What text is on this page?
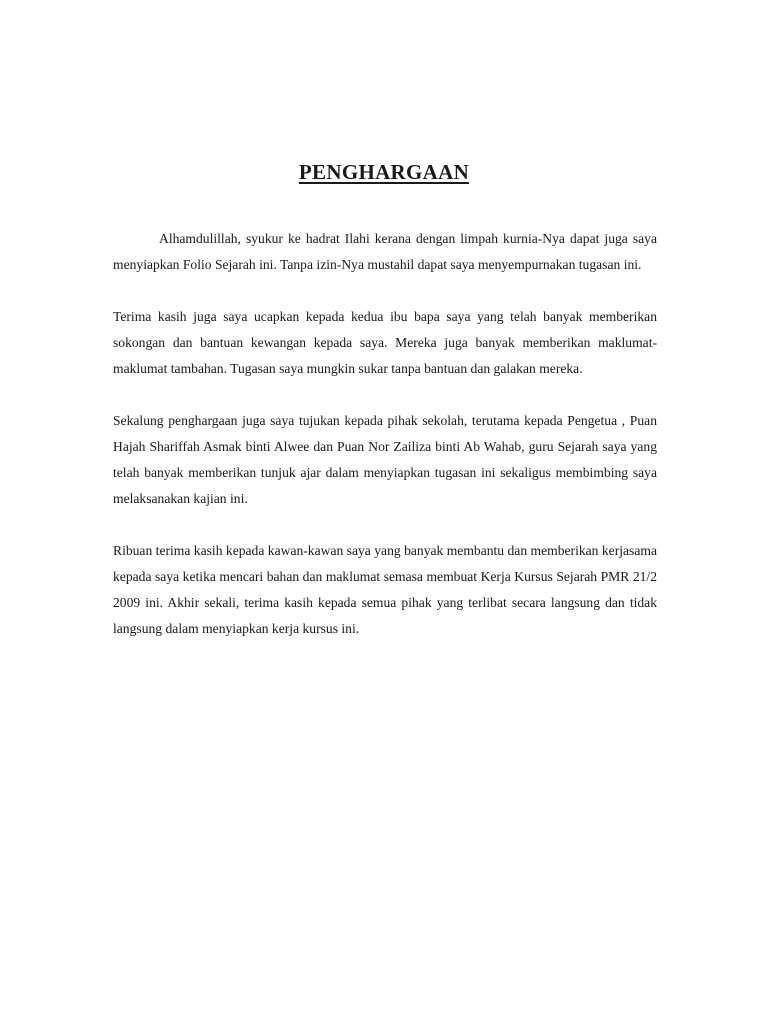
PENGHARGAAN

Alhamdulillah, syukur ke hadrat Ilahi kerana dengan limpah kurnia-Nya dapat juga saya menyiapkan Folio Sejarah ini. Tanpa izin-Nya mustahil dapat saya menyempurnakan tugasan ini.

Terima kasih juga saya ucapkan kepada kedua ibu bapa saya yang telah banyak memberikan sokongan dan bantuan kewangan kepada saya. Mereka juga banyak memberikan maklumat-maklumat tambahan. Tugasan saya mungkin sukar tanpa bantuan dan galakan mereka.

Sekalung penghargaan juga saya tujukan kepada pihak sekolah, terutama kepada Pengetua , Puan Hajah Shariffah Asmak binti Alwee dan Puan Nor Zailiza binti Ab Wahab, guru Sejarah saya yang telah banyak memberikan tunjuk ajar dalam menyiapkan tugasan ini sekaligus membimbing saya melaksanakan kajian ini.

Ribuan terima kasih kepada kawan-kawan saya yang banyak membantu dan memberikan kerjasama kepada saya ketika mencari bahan dan maklumat semasa membuat Kerja Kursus Sejarah PMR 21/2 2009 ini. Akhir sekali, terima kasih kepada semua pihak yang terlibat secara langsung dan tidak langsung dalam menyiapkan kerja kursus ini.
